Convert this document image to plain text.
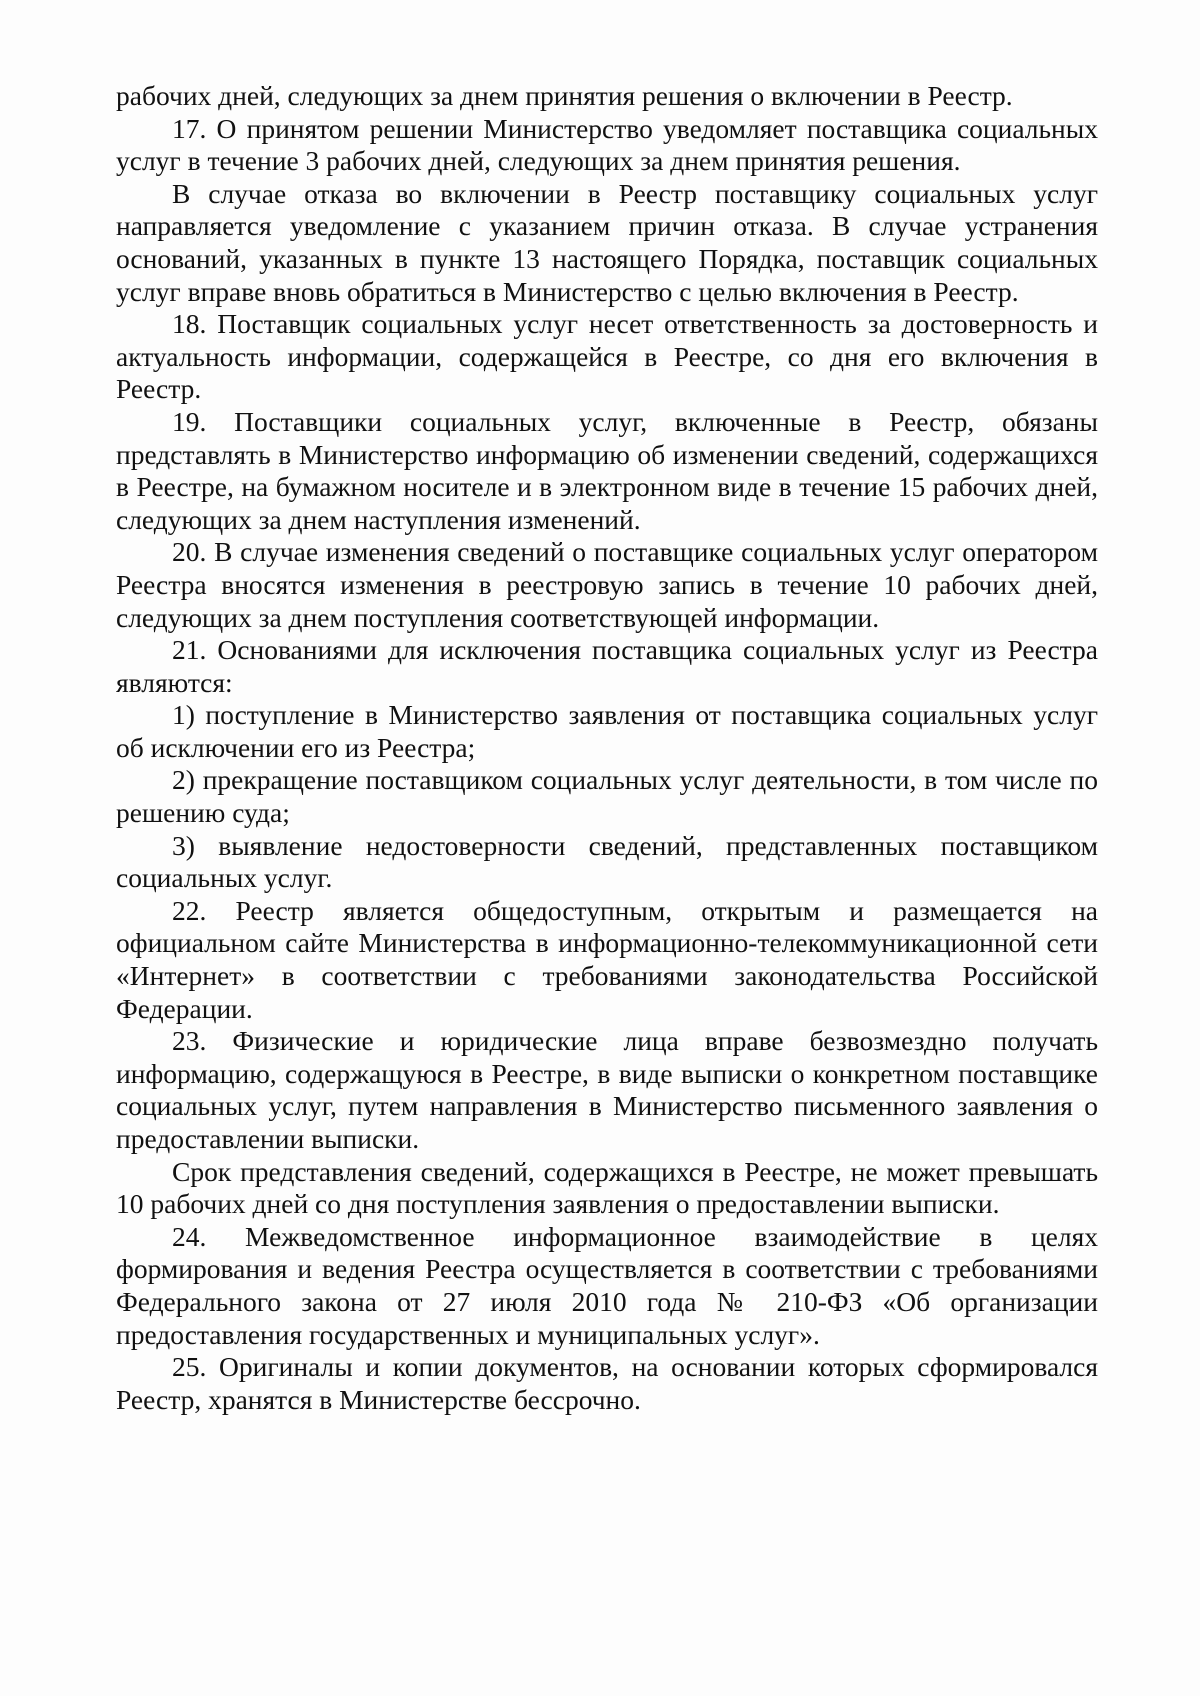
рабочих дней, следующих за днем принятия решения о включении в Реестр.

17. О принятом решении Министерство уведомляет поставщика социальных услуг в течение 3 рабочих дней, следующих за днем принятия решения.

В случае отказа во включении в Реестр поставщику социальных услуг направляется уведомление с указанием причин отказа. В случае устранения оснований, указанных в пункте 13 настоящего Порядка, поставщик социальных услуг вправе вновь обратиться в Министерство с целью включения в Реестр.

18. Поставщик социальных услуг несет ответственность за достоверность и актуальность информации, содержащейся в Реестре, со дня его включения в Реестр.

19. Поставщики социальных услуг, включенные в Реестр, обязаны представлять в Министерство информацию об изменении сведений, содержащихся в Реестре, на бумажном носителе и в электронном виде в течение 15 рабочих дней, следующих за днем наступления изменений.

20. В случае изменения сведений о поставщике социальных услуг оператором Реестра вносятся изменения в реестровую запись в течение 10 рабочих дней, следующих за днем поступления соответствующей информации.

21. Основаниями для исключения поставщика социальных услуг из Реестра являются:

1) поступление в Министерство заявления от поставщика социальных услуг об исключении его из Реестра;

2) прекращение поставщиком социальных услуг деятельности, в том числе по решению суда;

3) выявление недостоверности сведений, представленных поставщиком социальных услуг.

22. Реестр является общедоступным, открытым и размещается на официальном сайте Министерства в информационно-телекоммуникационной сети «Интернет» в соответствии с требованиями законодательства Российской Федерации.

23. Физические и юридические лица вправе безвозмездно получать информацию, содержащуюся в Реестре, в виде выписки о конкретном поставщике социальных услуг, путем направления в Министерство письменного заявления о предоставлении выписки.

Срок представления сведений, содержащихся в Реестре, не может превышать 10 рабочих дней со дня поступления заявления о предоставлении выписки.

24. Межведомственное информационное взаимодействие в целях формирования и ведения Реестра осуществляется в соответствии с требованиями Федерального закона от 27 июля 2010 года № 210-ФЗ «Об организации предоставления государственных и муниципальных услуг».

25. Оригиналы и копии документов, на основании которых сформировался Реестр, хранятся в Министерстве бессрочно.
